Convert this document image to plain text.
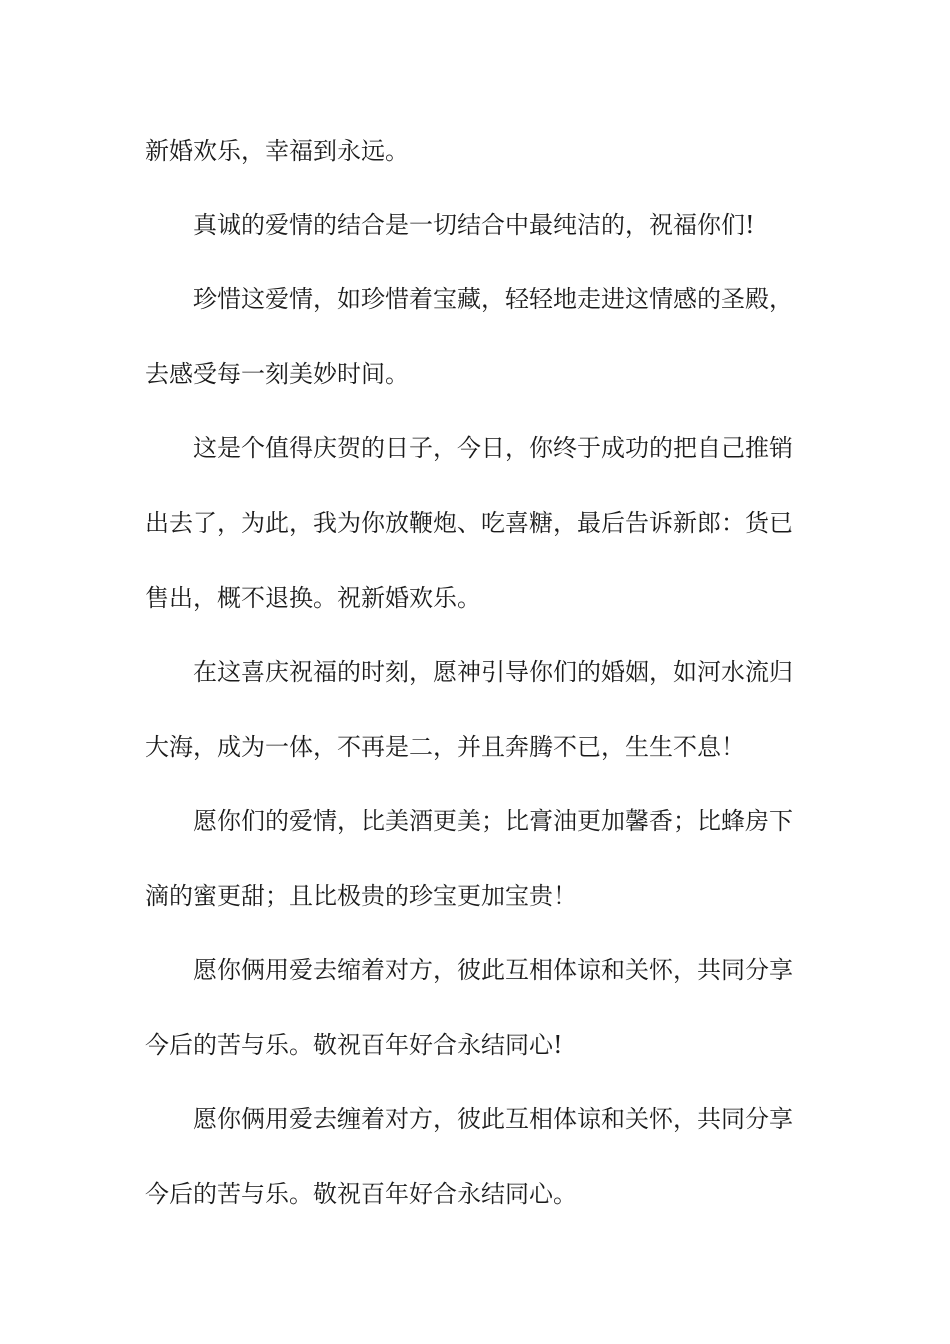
新婚欢乐，幸福到永远。

真诚的爱情的结合是一切结合中最纯洁的，祝福你们!

珍惜这爱情，如珍惜着宝藏，轻轻地走进这情感的圣殿，

去感受每一刻美妙时间。

这是个值得庆贺的日子，今日，你终于成功的把自己推销

出去了，为此，我为你放鞭炮、吃喜糖，最后告诉新郎：货已

售出，概不退换。祝新婚欢乐。

在这喜庆祝福的时刻，愿神引导你们的婚姻，如河水流归

大海，成为一体，不再是二，并且奔腾不已，生生不息！

愿你们的爱情，比美酒更美；比膏油更加馨香；比蜂房下

滴的蜜更甜；且比极贵的珍宝更加宝贵！

愿你俩用爱去缩着对方，彼此互相体谅和关怀，共同分享

今后的苦与乐。敬祝百年好合永结同心!

愿你俩用爱去缠着对方，彼此互相体谅和关怀，共同分享

今后的苦与乐。敬祝百年好合永结同心。
